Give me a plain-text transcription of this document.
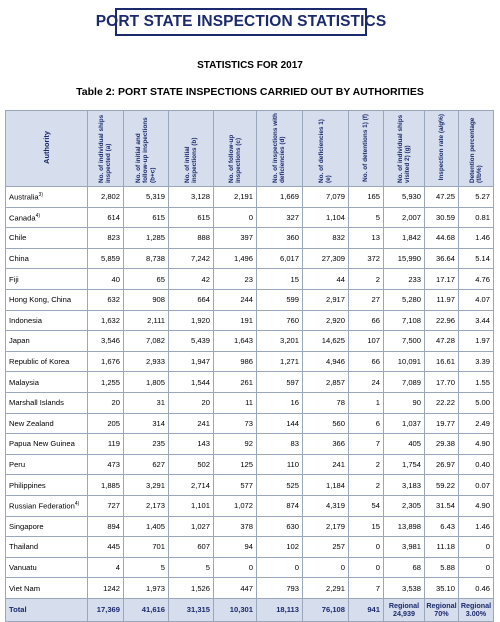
PORT STATE INSPECTION STATISTICS
STATISTICS FOR 2017
Table 2: PORT STATE INSPECTIONS CARRIED OUT BY AUTHORITIES
Authority	No. of individual ships inspected (a)	No. of initial and follow-up inspections (b+c)	No. of initial inspections (b)	No. of follow-up inspections (c)	No. of inspections with deficiencies (d)	No. of deficiencies 1) (e)	No. of detentions 1) (f)	No. of individual ships visited 2) (g)	Inspection rate (a/g%)	Detention percentage (f/b%)
Australia$^{3)}$	2,802	5,319	3,128	2,191	1,669	7,079	165	5,930	47.25	5.27
Canada$^{4)}$	614	615	615	0	327	1,104	5	2,007	30.59	0.81
Chile	823	1,285	888	397	360	832	13	1,842	44.68	1.46
China	5,859	8,738	7,242	1,496	6,017	27,309	372	15,990	36.64	5.14
Fiji	40	65	42	23	15	44	2	233	17.17	4.76
Hong Kong, China	632	908	664	244	599	2,917	27	5,280	11.97	4.07
Indonesia	1,632	2,111	1,920	191	760	2,920	66	7,108	22.96	3.44
Japan	3,546	7,082	5,439	1,643	3,201	14,625	107	7,500	47.28	1.97
Republic of Korea	1,676	2,933	1,947	986	1,271	4,946	66	10,091	16.61	3.39
Malaysia	1,255	1,805	1,544	261	597	2,857	24	7,089	17.70	1.55
Marshall Islands	20	31	20	11	16	78	1	90	22.22	5.00
New Zealand	205	314	241	73	144	560	6	1,037	19.77	2.49
Papua New Guinea	119	235	143	92	83	366	7	405	29.38	4.90
Peru	473	627	502	125	110	241	2	1,754	26.97	0.40
Philippines	1,885	3,291	2,714	577	525	1,184	2	3,183	59.22	0.07
Russian Federation$^{4)}$	727	2,173	1,101	1,072	874	4,319	54	2,305	31.54	4.90
Singapore	894	1,405	1,027	378	630	2,179	15	13,898	6.43	1.46
Thailand	445	701	607	94	102	257	0	3,981	11.18	0
Vanuatu	4	5	5	0	0	0	0	68	5.88	0
Viet Nam	1242	1,973	1,526	447	793	2,291	7	3,538	35.10	0.46
Total	17,369	41,616	31,315	10,301	18,113	76,108	941	Regional 24,939	Regional 70%	Regional 3.00%
